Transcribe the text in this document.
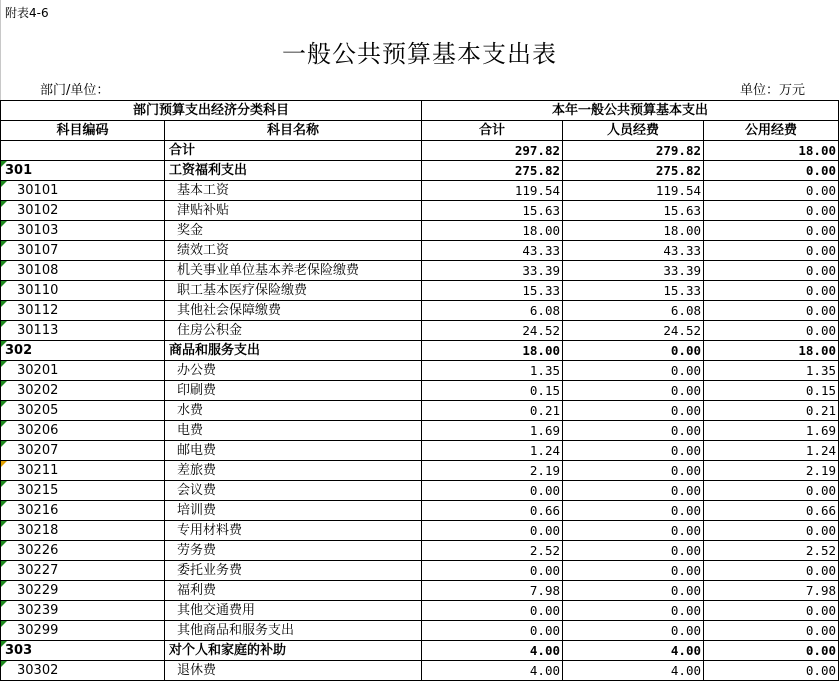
附表4-6
一般公共预算基本支出表
部门/单位：	单位：万元
部门预算支出经济分类科目		本年一般公共预算基本支出		
科目编码	科目名称	合计	人员经费	公用经费
	合计	297.82	279.82	18.00
301	工资福利支出	275.82	275.82	0.00
30101	基本工资	119.54	119.54	0.00
30102	津贴补贴	15.63	15.63	0.00
30103	奖金	18.00	18.00	0.00
30107	绩效工资	43.33	43.33	0.00
30108	机关事业单位基本养老保险缴费	33.39	33.39	0.00
30110	职工基本医疗保险缴费	15.33	15.33	0.00
30112	其他社会保障缴费	6.08	6.08	0.00
30113	住房公积金	24.52	24.52	0.00
302	商品和服务支出	18.00	0.00	18.00
30201	办公费	1.35	0.00	1.35
30202	印刷费	0.15	0.00	0.15
30205	水费	0.21	0.00	0.21
30206	电费	1.69	0.00	1.69
30207	邮电费	1.24	0.00	1.24
30211	差旅费	2.19	0.00	2.19
30215	会议费	0.00	0.00	0.00
30216	培训费	0.66	0.00	0.66
30218	专用材料费	0.00	0.00	0.00
30226	劳务费	2.52	0.00	2.52
30227	委托业务费	0.00	0.00	0.00
30229	福利费	7.98	0.00	7.98
30239	其他交通费用	0.00	0.00	0.00
30299	其他商品和服务支出	0.00	0.00	0.00
303	对个人和家庭的补助	4.00	4.00	0.00
30302	退休费	4.00	4.00	0.00
